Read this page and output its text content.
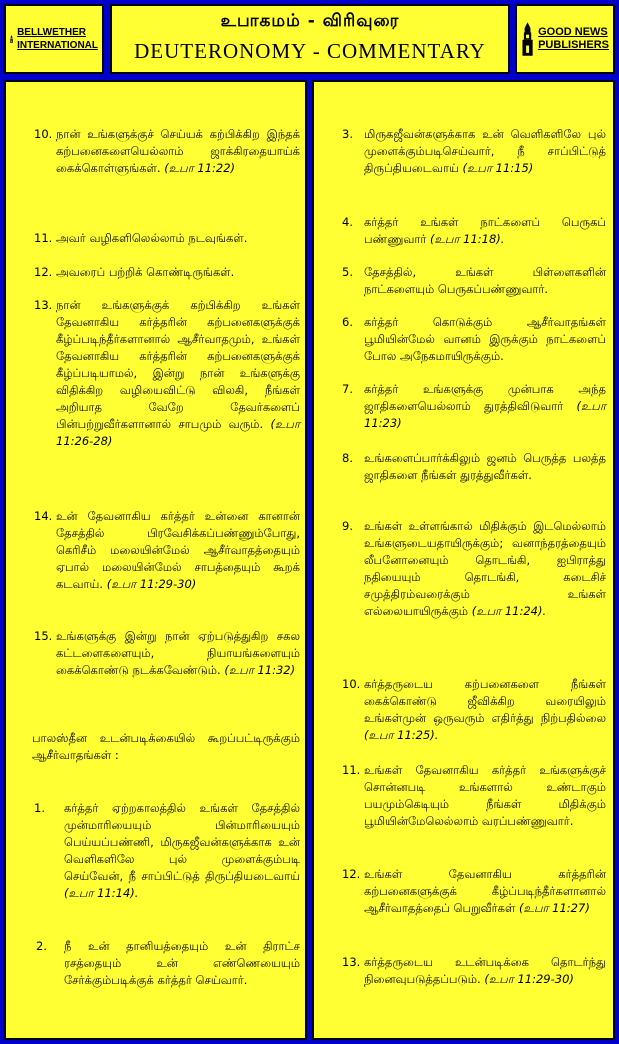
BELLWETHER
INTERNATIONAL
உபாகமம் - விரிவுரை
DEUTERONOMY - COMMENTARY
GOOD NEWS
PUBLISHERS
10. நான் உங்களுக்குச் செய்யக் கற்பிக்கிற இந்தக் கற்பனைகளையெல்லாம் ஜாக்கிரதையாய்க் கைக்கொள்ளுங்கள். (உபா 11:22)
11. அவர் வழிகளிலெல்லாம் நடவுங்கள்.
12. அவரைப் பற்றிக் கொண்டிருங்கள்.
13. நான் உங்களுக்குக் கற்பிக்கிற உங்கள் தேவனாகிய கர்த்தரின் கற்பனைகளுக்குக் கீழ்ப்படிந்தீர்களானால் ஆசீர்வாதமும், உங்கள் தேவனாகிய கர்த்தரின் கற்பனைகளுக்குக் கீழ்ப்படியாமல், இன்று நான் உங்களுக்கு விதிக்கிற வழியைவிட்டு விலகி, நீங்கள் அறியாத வேறே தேவர்களைப் பின்பற்றுவீர்களானால் சாபமும் வரும். (உபா 11:26-28)
14. உன் தேவனாகிய கர்த்தர் உன்னை கானான் தேசத்தில் பிரவேசிக்கப்பண்ணும்போது, கெரிசீம் மலையின்மேல் ஆசீர்வாதத்தையும் ஏபால் மலையின்மேல் சாபத்தையும் கூறக் கடவாய். (உபா 11:29-30)
15. உங்களுக்கு இன்று நான் ஏற்படுத்துகிற சகல கட்டளைகளையும், நியாயங்களையும் கைக்கொண்டு நடக்கவேண்டும். (உபா 11:32)
பாலஸ்தீன உடன்படிக்கையில் கூறப்பட்டிருக்கும் ஆசீர்வாதங்கள் :
1. கர்த்தர் ஏற்றகாலத்தில் உங்கள் தேசத்தில் முன்மாரியையும் பின்மாரியையும் பெய்யப்பண்ணி, மிருகஜீவன்களுக்காக உன் வெளிகளிலே புல் முளைக்கும்படி செய்வேன், நீ சாப்பிட்டுத் திருப்தியடைவாய் (உபா 11:14).
2. நீ உன் தானியத்தையும் உன் திராட்ச ரசத்தையும் உன் எண்ணெயையும் சேர்க்கும்படிக்குக் கர்த்தர் செய்வார்.
3. மிருகஜீவன்களுக்காக உன் வெளிகளிலே புல் முளைக்கும்படிசெய்வார், நீ சாப்பிட்டுத் திருப்தியடைவாய் (உபா 11:15)
4. கர்த்தர் உங்கள் நாட்களைப் பெருகப் பண்ணுவார் (உபா 11:18).
5. தேசத்தில், உங்கள் பிள்ளைகளின் நாட்களையும் பெருகப்பண்ணுவார்.
6. கர்த்தர் கொடுக்கும் ஆசீர்வாதங்கள் பூமியின்மேல் வானம் இருக்கும் நாட்களைப் போல அநேகமாயிருக்கும்.
7. கர்த்தர் உங்களுக்கு முன்பாக அந்த ஜாதிகளையெல்லாம் துரத்திவிடுவார் (உபா 11:23)
8. உங்களைப்பார்க்கிலும் ஜனம் பெருத்த பலத்த ஜாதிகளை நீங்கள் துரத்துவீர்கள்.
9. உங்கள் உள்ளங்கால் மிதிக்கும் இடமெல்லாம் உங்களுடையதாயிருக்கும்; வனாந்தரத்தையும் லீபனோனையும் தொடங்கி, ஐபிராத்து நதியையும் தொடங்கி, கடைசிச் சமுத்திரம்வரைக்கும் உங்கள் எல்லையாயிருக்கும் (உபா 11:24).
10. கர்த்தருடைய கற்பனைகளை நீங்கள் கைக்கொண்டு ஜீவிக்கிற வரையிலும் உங்கள்முன் ஒருவரும் எதிர்த்து நிற்பதில்லை (உபா 11:25).
11. உங்கள் தேவனாகிய கர்த்தர் உங்களுக்குச் சொன்னபடி உங்களால் உண்டாகும் பயமும்கெடியும் நீங்கள் மிதிக்கும் பூமியின்மேலெல்லாம் வரப்பண்ணுவார்.
12. உங்கள் தேவனாகிய கர்த்தரின் கற்பனைகளுக்குக் கீழ்ப்படிந்தீர்களானால் ஆசீர்வாதத்தைப் பெறுவீர்கள் (உபா 11:27)
13. கர்த்தருடைய உடன்படிக்கை தொடர்ந்து நினைவுபடுத்தப்படும். (உபா 11:29-30)
